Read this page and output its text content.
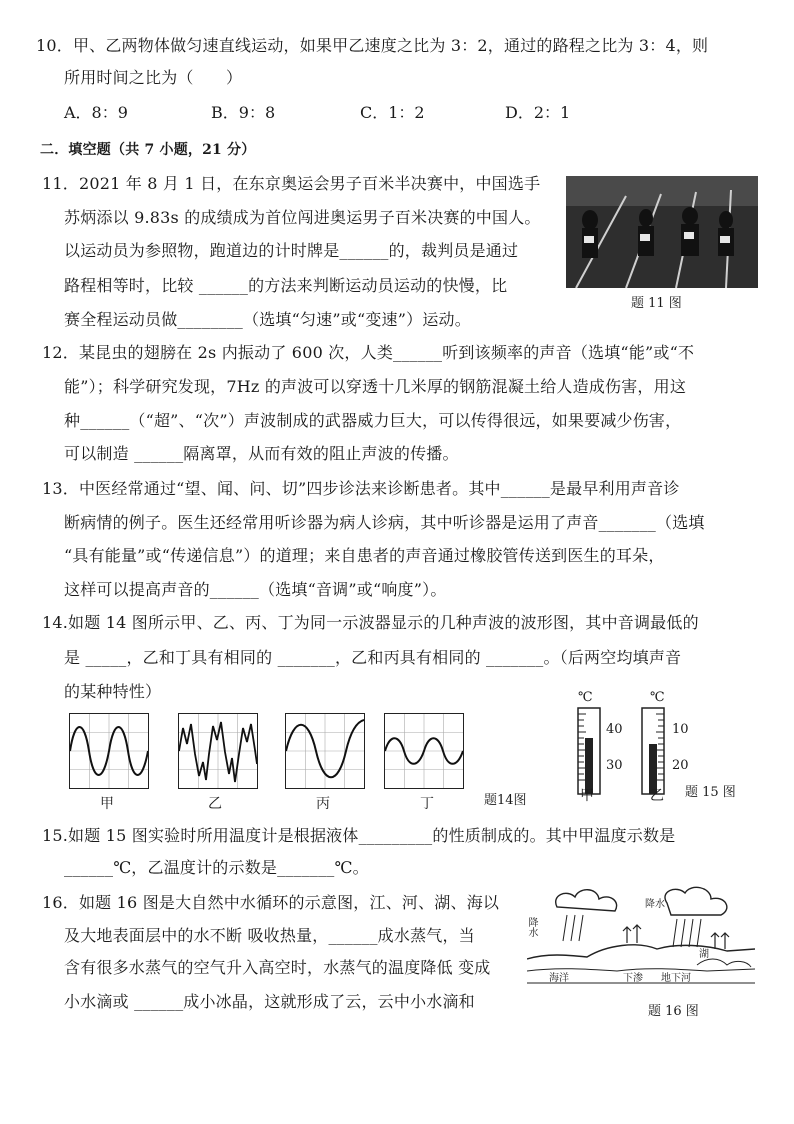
10．甲、乙两物体做匀速直线运动，如果甲乙速度之比为 3：2，通过的路程之比为 3：4，则
所用时间之比为（　　）
A．8：9	B．9：8	C．1：2	D．2：1
二．填空题（共 7 小题，21 分）
11．2021 年 8 月 1 日，在东京奥运会男子百米半决赛中，中国选手
苏炳添以 9.83s 的成绩成为首位闯进奥运男子百米决赛的中国人。
以运动员为参照物，跑道边的计时牌是______的，裁判员是通过
路程相等时，比较 ______的方法来判断运动员运动的快慢，比
赛全程运动员做________（选填“匀速”或“变速”）运动。
题 11 图
12．某昆虫的翅膀在 2s 内振动了 600 次，人类______听到该频率的声音（选填“能”或“不
能”）；科学研究发现，7Hz 的声波可以穿透十几米厚的钢筋混凝土给人造成伤害，用这
种______（“超”、“次”）声波制成的武器威力巨大，可以传得很远，如果要减少伤害，
可以制造 ______隔离罩，从而有效的阻止声波的传播。
13．中医经常通过“望、闻、问、切”四步诊法来诊断患者。其中______是最早利用声音诊
断病情的例子。医生还经常用听诊器为病人诊病，其中听诊器是运用了声音_______（选填
“具有能量”或“传递信息”）的道理；来自患者的声音通过橡胶管传送到医生的耳朵，
这样可以提高声音的______（选填“音调”或“响度”）。
14.如题 14 图所示甲、乙、丙、丁为同一示波器显示的几种声波的波形图，其中音调最低的
是 _____，乙和丁具有相同的 _______，乙和丙具有相同的 _______。（后两空均填声音
的某种特性）
甲	乙	丙	丁	题14图
℃
40
30
甲
℃
10
20
乙 题 15 图
15.如题 15 图实验时所用温度计是根据液体_________的性质制成的。其中甲温度示数是
______℃，乙温度计的示数是_______℃。
16．如题 16 图是大自然中水循环的示意图，江、河、湖、海以
及大地表面层中的水不断 吸收热量，______成水蒸气，当
含有很多水蒸气的空气升入高空时，水蒸气的温度降低 变成
小水滴或 ______成小冰晶，这就形成了云，云中小水滴和
降水
降水
湖
海洋	下渗 地下河
题 16 图
